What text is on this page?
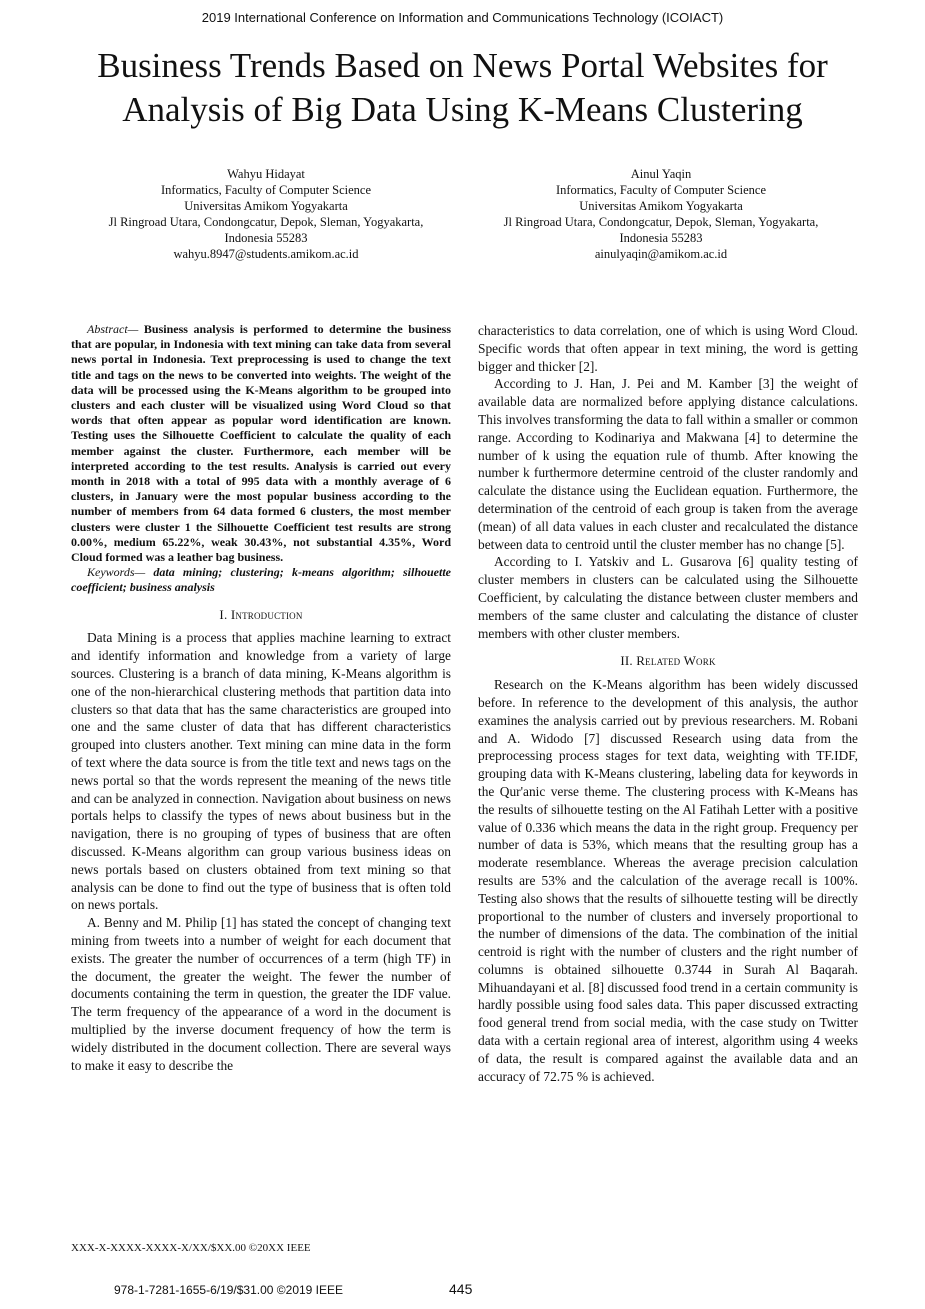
2019 International Conference on Information and Communications Technology (ICOIACT)
Business Trends Based on News Portal Websites for
Analysis of Big Data Using K-Means Clustering
Wahyu Hidayat
Informatics, Faculty of Computer Science
Universitas Amikom Yogyakarta
Jl Ringroad Utara, Condongcatur, Depok, Sleman, Yogyakarta,
Indonesia 55283
wahyu.8947@students.amikom.ac.id
Ainul Yaqin
Informatics, Faculty of Computer Science
Universitas Amikom Yogyakarta
Jl Ringroad Utara, Condongcatur, Depok, Sleman, Yogyakarta,
Indonesia 55283
ainulyaqin@amikom.ac.id

Abstract— Business analysis is performed to determine the business that are popular, in Indonesia with text mining can take data from several news portal in Indonesia. Text preprocessing is used to change the text title and tags on the news to be converted into weights. The weight of the data will be processed using the K-Means algorithm to be grouped into clusters and each cluster will be visualized using Word Cloud so that words that often appear as popular word identification are known. Testing uses the Silhouette Coefficient to calculate the quality of each member against the cluster. Furthermore, each member will be interpreted according to the test results. Analysis is carried out every month in 2018 with a total of 995 data with a monthly average of 6 clusters, in January were the most popular business according to the number of members from 64 data formed 6 clusters, the most member clusters were cluster 1 the Silhouette Coefficient test results are strong 0.00%, medium 65.22%, weak 30.43%, not substantial 4.35%, Word Cloud formed was a leather bag business.

Keywords— data mining; clustering; k-means algorithm; silhouette coefficient; business analysis

I. Introduction

Data Mining is a process that applies machine learning to extract and identify information and knowledge from a variety of large sources. Clustering is a branch of data mining, K-Means algorithm is one of the non-hierarchical clustering methods that partition data into clusters so that data that has the same characteristics are grouped into one and the same cluster of data that has different characteristics grouped into clusters another. Text mining can mine data in the form of text where the data source is from the title text and news tags on the news portal so that the words represent the meaning of the news title and can be analyzed in connection. Navigation about business on news portals helps to classify the types of news about business but in the navigation, there is no grouping of types of business that are often discussed. K-Means algorithm can group various business ideas on news portals based on clusters obtained from text mining so that analysis can be done to find out the type of business that is often told on news portals.

A. Benny and M. Philip [1] has stated the concept of changing text mining from tweets into a number of weight for each document that exists. The greater the number of occurrences of a term (high TF) in the document, the greater the weight. The fewer the number of documents containing the term in question, the greater the IDF value. The term frequency of the appearance of a word in the document is multiplied by the inverse document frequency of how the term is widely distributed in the document collection. There are several ways to make it easy to describe the

characteristics to data correlation, one of which is using Word Cloud. Specific words that often appear in text mining, the word is getting bigger and thicker [2].

According to J. Han, J. Pei and M. Kamber [3] the weight of available data are normalized before applying distance calculations. This involves transforming the data to fall within a smaller or common range. According to Kodinariya and Makwana [4] to determine the number of k using the equation rule of thumb. After knowing the number k furthermore determine centroid of the cluster randomly and calculate the distance using the Euclidean equation. Furthermore, the determination of the centroid of each group is taken from the average (mean) of all data values in each cluster and recalculated the distance between data to centroid until the cluster member has no change [5].

According to I. Yatskiv and L. Gusarova [6] quality testing of cluster members in clusters can be calculated using the Silhouette Coefficient, by calculating the distance between cluster members and members of the same cluster and calculating the distance of cluster members with other cluster members.

II. Related Work

Research on the K-Means algorithm has been widely discussed before. In reference to the development of this analysis, the author examines the analysis carried out by previous researchers. M. Robani and A. Widodo [7] discussed Research using data from the preprocessing process stages for text data, weighting with TF.IDF, grouping data with K-Means clustering, labeling data for keywords in the Qur'anic verse theme. The clustering process with K-Means has the results of silhouette testing on the Al Fatihah Letter with a positive value of 0.336 which means the data in the right group. Frequency per number of data is 53%, which means that the resulting group has a moderate resemblance. Whereas the average precision calculation results are 53% and the calculation of the average recall is 100%. Testing also shows that the results of silhouette testing will be directly proportional to the number of clusters and inversely proportional to the number of dimensions of the data. The combination of the initial centroid is right with the number of clusters and the right number of columns is obtained silhouette 0.3744 in Surah Al Baqarah. Mihuandayani et al. [8] discussed food trend in a certain community is hardly possible using food sales data. This paper discussed extracting food general trend from social media, with the case study on Twitter data with a certain regional area of interest, algorithm using 4 weeks of data, the result is compared against the available data and an accuracy of 72.75 % is achieved.

XXX-X-XXXX-XXXX-X/XX/$XX.00 ©20XX IEEE
978-1-7281-1655-6/19/$31.00 ©2019 IEEE	445
